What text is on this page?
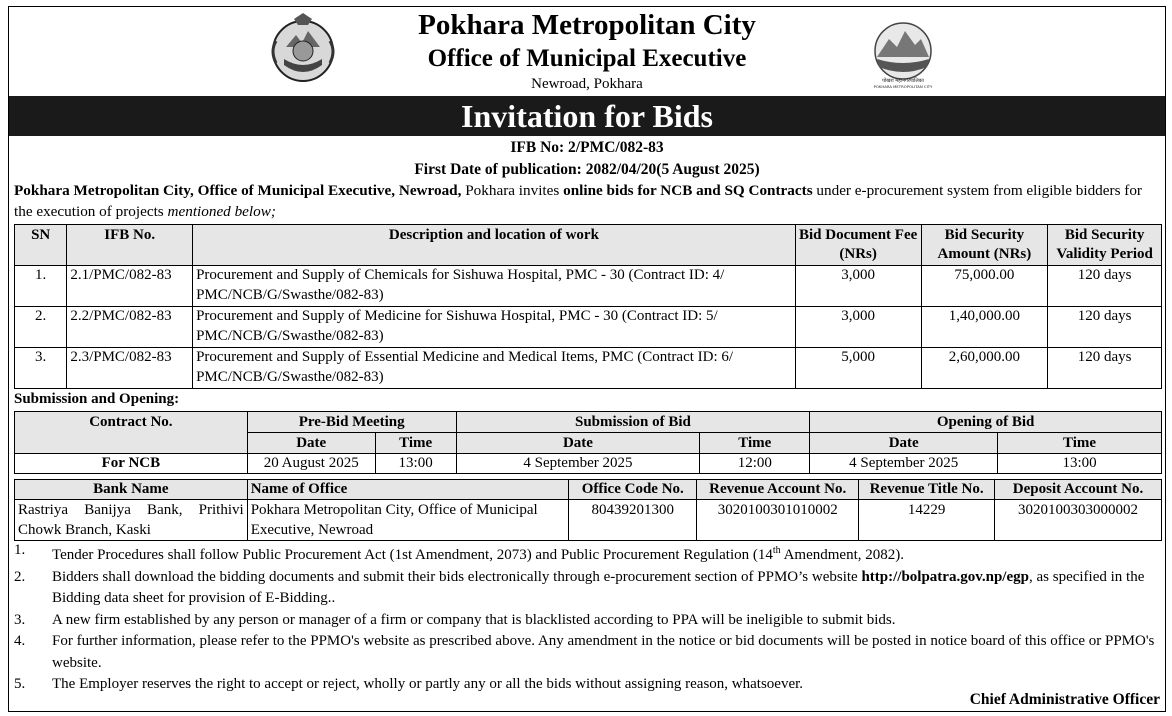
Pokhara Metropolitan City
Office of Municipal Executive
Newroad, Pokhara	पोखरा महानगरपालिका
POKHARA METROPOLITAN CITY
Invitation for Bids
IFB No: 2/PMC/082-83
First Date of publication: 2082/04/20(5 August 2025)
Pokhara Metropolitan City, Office of Municipal Executive, Newroad, Pokhara invites online bids for NCB and SQ Contracts under e-procurement system from eligible bidders for the execution of projects mentioned below;
SN	IFB No.	Description and location of work	Bid Document Fee (NRs)	Bid Security Amount (NRs)	Bid Security Validity Period
1.	2.1/PMC/082-83	Procurement and Supply of Chemicals for Sishuwa Hospital, PMC - 30 (Contract ID: 4/ PMC/NCB/G/Swasthe/082-83)	3,000	75,000.00	120 days
2.	2.2/PMC/082-83	Procurement and Supply of Medicine for Sishuwa Hospital, PMC - 30 (Contract ID: 5/ PMC/NCB/G/Swasthe/082-83)	3,000	1,40,000.00	120 days
3.	2.3/PMC/082-83	Procurement and Supply of Essential Medicine and Medical Items, PMC (Contract ID: 6/ PMC/NCB/G/Swasthe/082-83)	5,000	2,60,000.00	120 days
Submission and Opening:
Contract No.	Pre-Bid Meeting		Submission of Bid		Opening of Bid	
	Date	Time	Date	Time	Date	Time
For NCB	20 August 2025	13:00	4 September 2025	12:00	4 September 2025	13:00
Bank Name	Name of Office	Office Code No.	Revenue Account No.	Revenue Title No.	Deposit Account No.
Rastriya Banijya Bank, Prithivi Chowk Branch, Kaski	Pokhara Metropolitan City, Office of Municipal Executive, Newroad	80439201300	3020100301010002	14229	3020100303000002
1.	Tender Procedures shall follow Public Procurement Act (1st Amendment, 2073) and Public Procurement Regulation (14th Amendment, 2082).
2.	Bidders shall download the bidding documents and submit their bids electronically through e-procurement section of PPMO’s website http://bolpatra.gov.np/egp, as specified in the Bidding data sheet for provision of E-Bidding..
3.	A new firm established by any person or manager of a firm or company that is blacklisted according to PPA will be ineligible to submit bids.
4.	For further information, please refer to the PPMO's website as prescribed above. Any amendment in the notice or bid documents will be posted in notice board of this office or PPMO's website.
5.	The Employer reserves the right to accept or reject, wholly or partly any or all the bids without assigning reason, whatsoever.
Chief Administrative Officer
